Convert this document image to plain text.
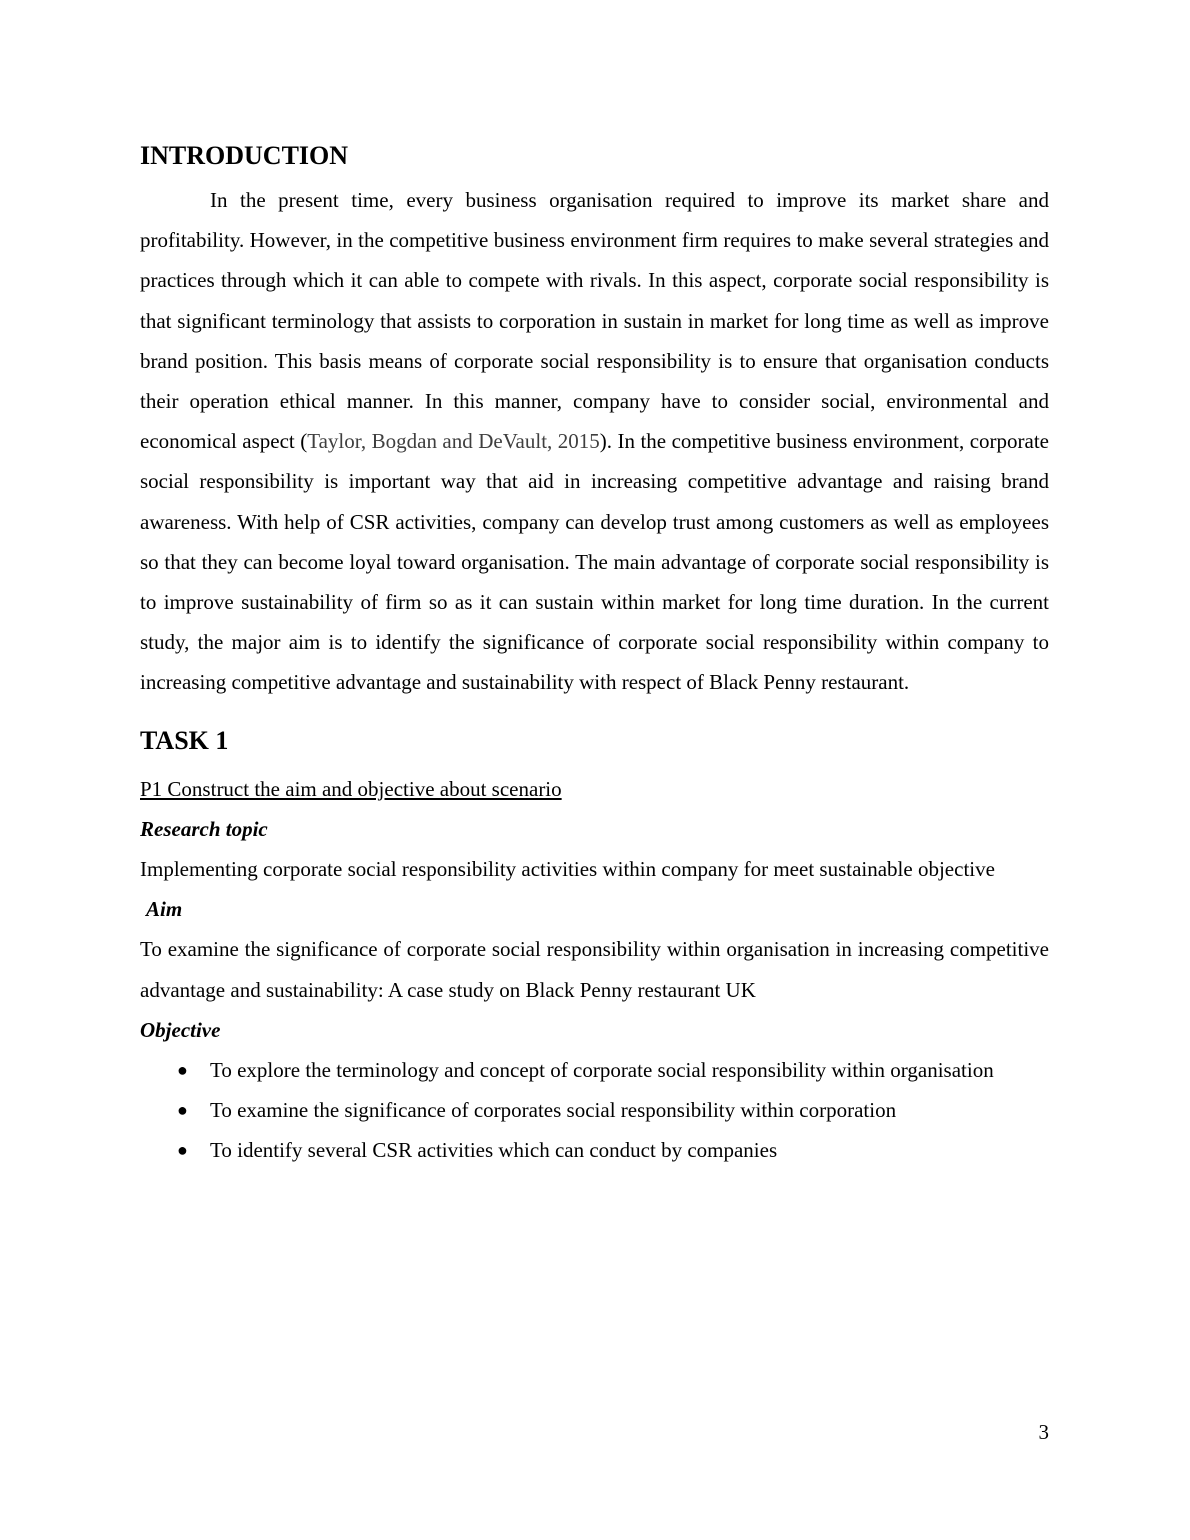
INTRODUCTION

In the present time, every business organisation required to improve its market share and profitability. However, in the competitive business environment firm requires to make several strategies and practices through which it can able to compete with rivals. In this aspect, corporate social responsibility is that significant terminology that assists to corporation in sustain in market for long time as well as improve brand position. This basis means of corporate social responsibility is to ensure that organisation conducts their operation ethical manner. In this manner, company have to consider social, environmental and economical aspect (Taylor, Bogdan and DeVault, 2015). In the competitive business environment, corporate social responsibility is important way that aid in increasing competitive advantage and raising brand awareness. With help of CSR activities, company can develop trust among customers as well as employees so that they can become loyal toward organisation. The main advantage of corporate social responsibility is to improve sustainability of firm so as it can sustain within market for long time duration. In the current study, the major aim is to identify the significance of corporate social responsibility within company to increasing competitive advantage and sustainability with respect of Black Penny restaurant.

TASK 1

P1 Construct the aim and objective about scenario

Research topic

Implementing corporate social responsibility activities within company for meet sustainable objective

Aim

To examine the significance of corporate social responsibility within organisation in increasing competitive advantage and sustainability: A case study on Black Penny restaurant UK

Objective

● To explore the terminology and concept of corporate social responsibility within organisation
● To examine the significance of corporates social responsibility within corporation
● To identify several CSR activities which can conduct by companies
3
